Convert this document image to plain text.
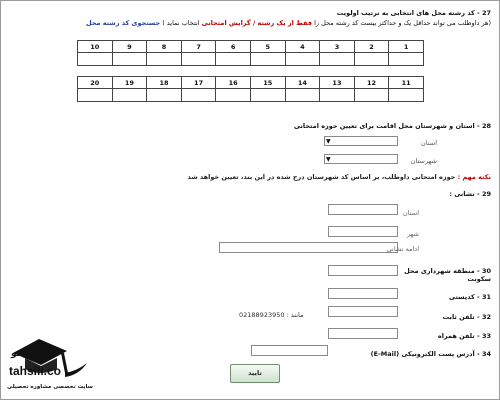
27 - کد رشته محل های انتخابی به ترتیب اولویت
(هر داوطلب می تواند حداقل یک و حداکثر بیست کد رشته محل را فقط از یک رشته / گرایش امتحانی انتخاب نماید ) جستجوی کد رشته محل
10	9	8	7	6	5	4	3	2	1

20	19	18	17	16	15	14	13	12	11

28 - استان و شهرستان محل اقامت برای تعیین حوزه امتحانی
▼	استان
▼	شهرستان
نکته مهم : حوزه امتحانی داوطلب، بر اساس کد شهرستان درج شده در این بند، تعیین خواهد شد
29 - نشانی :
استان
شهر
ادامه نشانی
30 - منطقه شهرداری محل
سکونت
31 - کدپستی
32 - تلفن ثابت
مانند : 02188923950
33 - تلفن همراه
34 - آدرس پست الکترونیکی (E-Mail)
تایید
تحصیلیکو
tahsili.co
سایت تخصصی مشاوره تحصیلی
